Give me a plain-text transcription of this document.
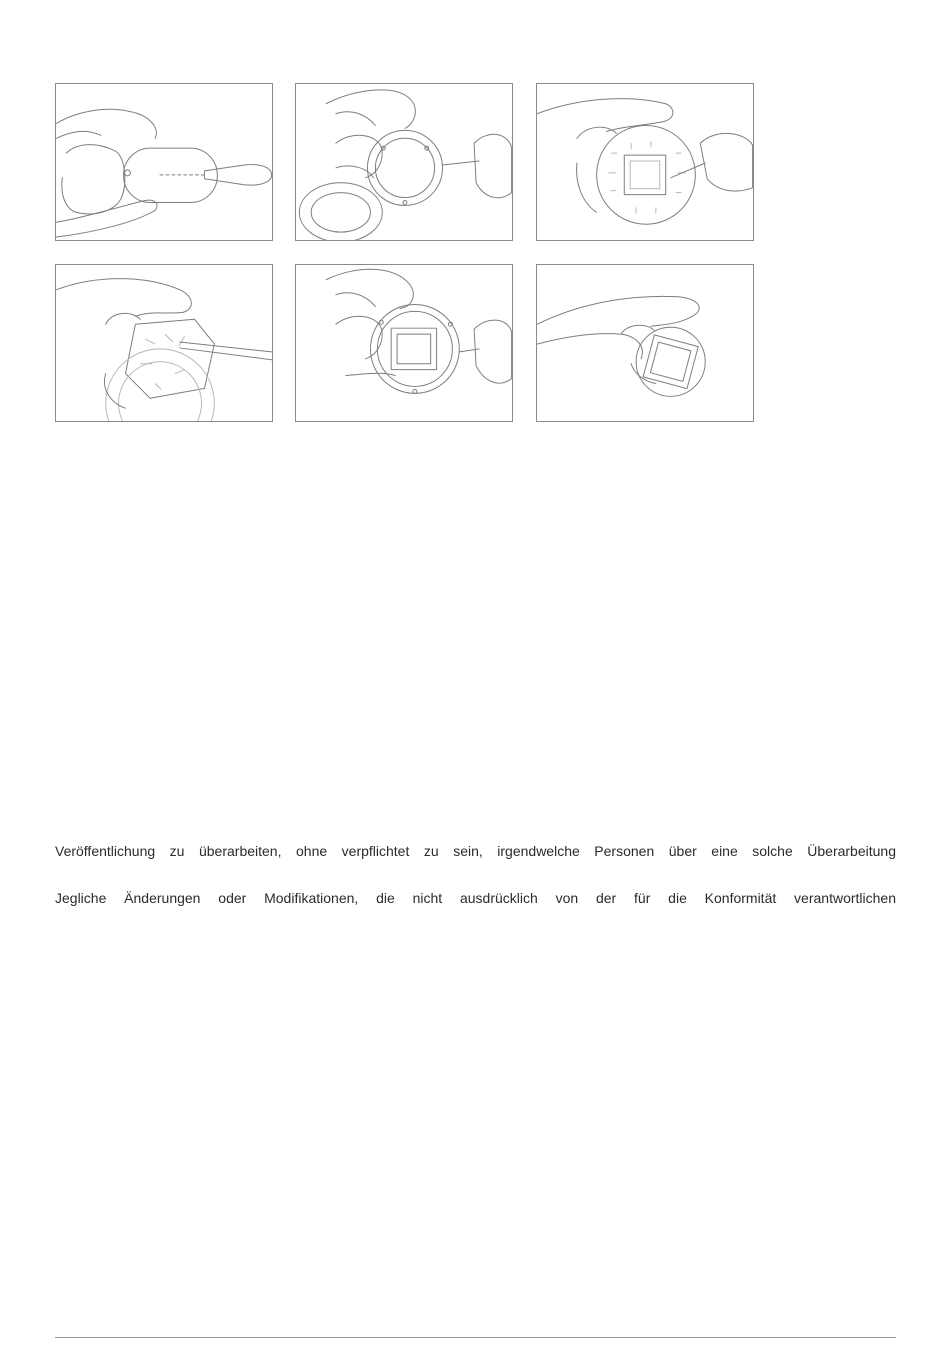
Veröffentlichung zu überarbeiten, ohne verpflichtet zu sein, irgendwelche Personen über eine solche Überarbeitung

Jegliche Änderungen oder Modifikationen, die nicht ausdrücklich von der für die Konformität verantwortlichen
